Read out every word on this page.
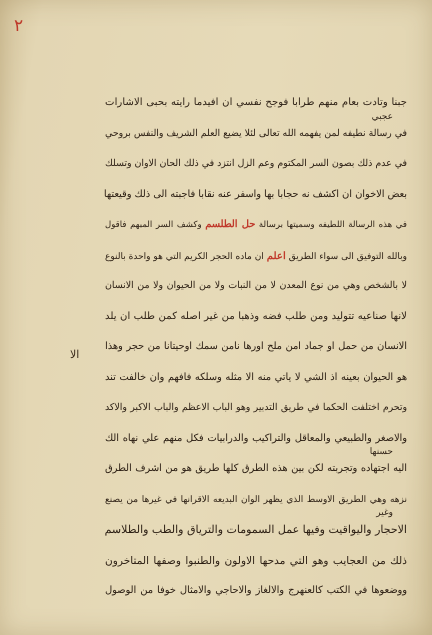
٢
الا
جبنا وتادت بعام منهم طرابا فوجح نفسي ان افيدما رايته بحبى الاشارات
عجبي
في رسالة نطيفه لمن يفهمه الله تعالى لئلا يضيع العلم الشريف والنفس بروحي
في عدم ذلك بصون السر المكتوم وعم الزل انتزد في ذلك الحان الاوان وتسلك
بعض الاخوان ان اكشف نه حجابا بها واسفر عنه نقابا فاجبته الى ذلك وقيعتها
في هذه الرسالة اللطيفه وسميتها برسالة حل الطلسم وكشف السر المبهم فاقول
وبالله التوفيق الى سواء الطريق اعلم ان ماده الحجر الكريم التي هو واحدة بالنوع
لا بالشخص وهي من نوع المعدن لا من النبات ولا من الحيوان ولا من الانسان
لانها صناعيه تتوليد ومن طلب فضه وذهبا من غير اصله كمن طلب ان يلد
الانسان من حمل او جماد امن ملح اورها نامن سمك اوحيتانا من حجر وهذا
هو الحيوان بعينه اذ الشي لا ياتي منه الا مثله وسلكه فافهم وان خالفت تند
وتحرم اختلفت الحكما في طريق التدبير وهو الباب الاعظم والباب الاكبر والاكد
والاصغر والطبيعي والمعاقل والتراكيب والدرابيات فكل منهم علي نهاه الك
حسنها
اليه اجتهاده وتجربته لكن بين هذه الطرق كلها طريق هو من اشرف الطرق
نزهه وهي الطريق الاوسط الذي يظهر الوان البديعه الاقرانها في غيرها من يصنع
وغير
الاحجار واليواقيت وفيها عمل السمومات والترياق والطب والطلاسم
ذلك من العجايب وهو التي مدحها الاولون والطنبوا وصفها المتاخرون
ووضعوها في الكتب كالعنهرج والالغاز والاحاجي والامثال خوفا من الوصول
